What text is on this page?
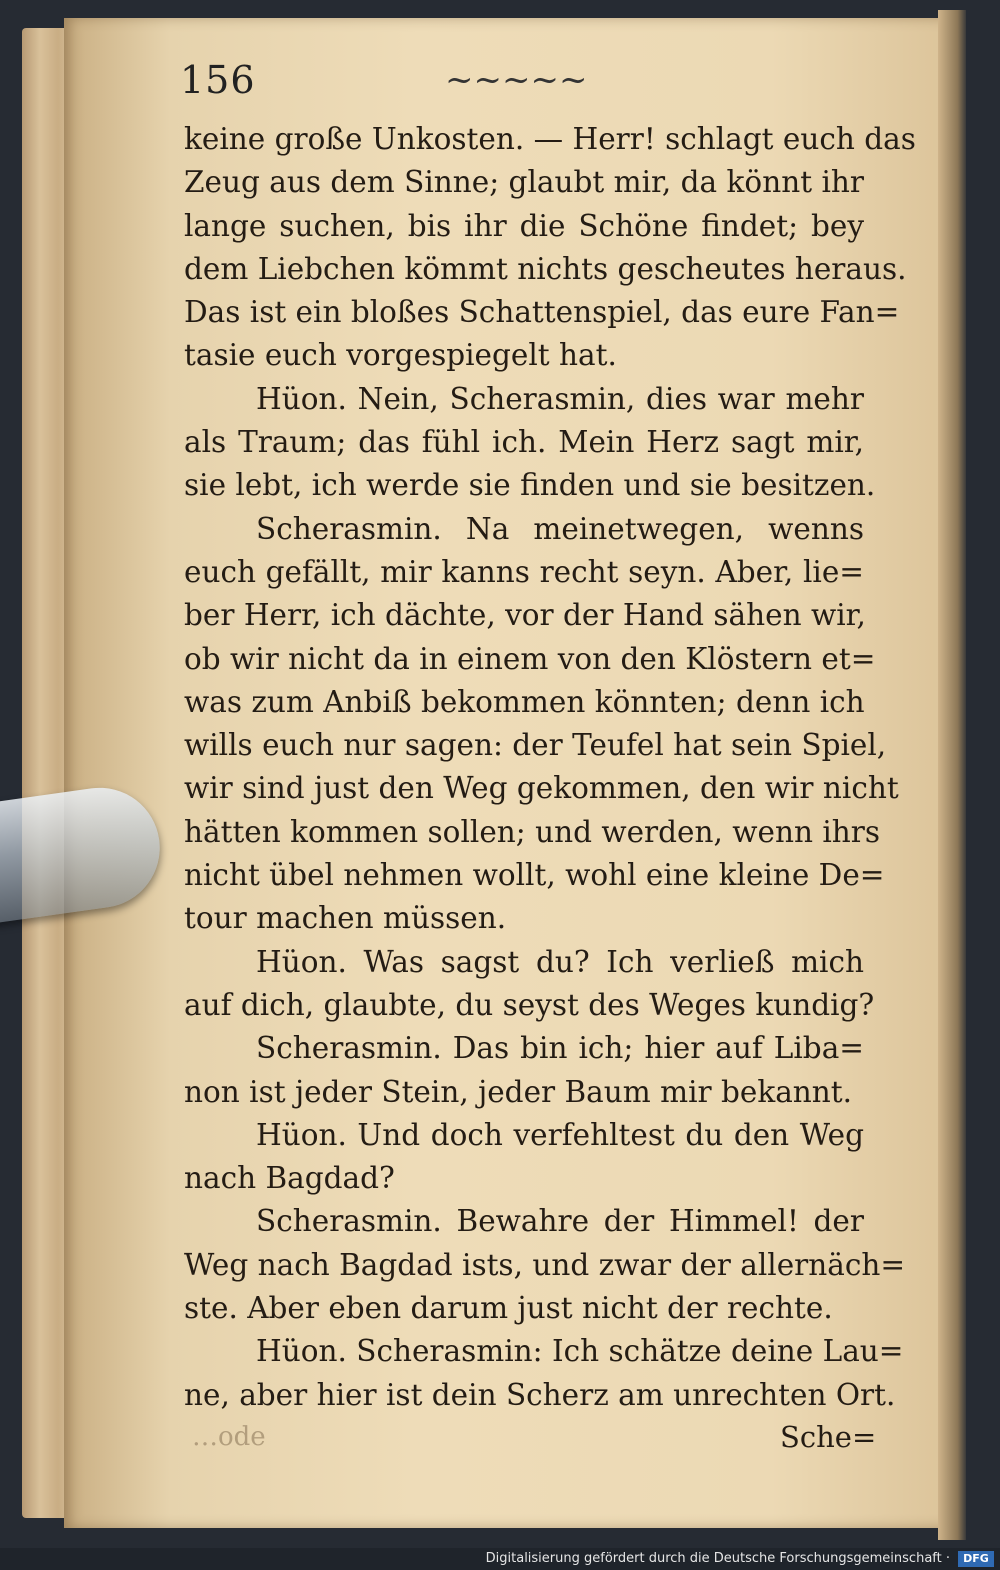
156	~~~~~
keine große Unkosten. — Herr! schlagt euch das
Zeug aus dem Sinne; glaubt mir, da könnt ihr
lange suchen, bis ihr die Schöne findet; bey
dem Liebchen kömmt nichts gescheutes heraus.
Das ist ein bloßes Schattenspiel, das eure Fan=
tasie euch vorgespiegelt hat.
Hüon. Nein, Scherasmin, dies war mehr
als Traum; das fühl ich. Mein Herz sagt mir,
sie lebt, ich werde sie finden und sie besitzen.
Scherasmin. Na meinetwegen, wenns
euch gefällt, mir kanns recht seyn. Aber, lie=
ber Herr, ich dächte, vor der Hand sähen wir,
ob wir nicht da in einem von den Klöstern et=
was zum Anbiß bekommen könnten; denn ich
wills euch nur sagen: der Teufel hat sein Spiel,
wir sind just den Weg gekommen, den wir nicht
hätten kommen sollen; und werden, wenn ihrs
nicht übel nehmen wollt, wohl eine kleine De=
tour machen müssen.
Hüon. Was sagst du? Ich verließ mich
auf dich, glaubte, du seyst des Weges kundig?
Scherasmin. Das bin ich; hier auf Liba=
non ist jeder Stein, jeder Baum mir bekannt.
Hüon. Und doch verfehltest du den Weg
nach Bagdad?
Scherasmin. Bewahre der Himmel! der
Weg nach Bagdad ists, und zwar der allernäch=
ste. Aber eben darum just nicht der rechte.
Hüon. Scherasmin: Ich schätze deine Lau=
ne, aber hier ist dein Scherz am unrechten Ort.
…ode	Sche=
Digitalisierung gefördert durch die Deutsche Forschungsgemeinschaft ·	DFG
